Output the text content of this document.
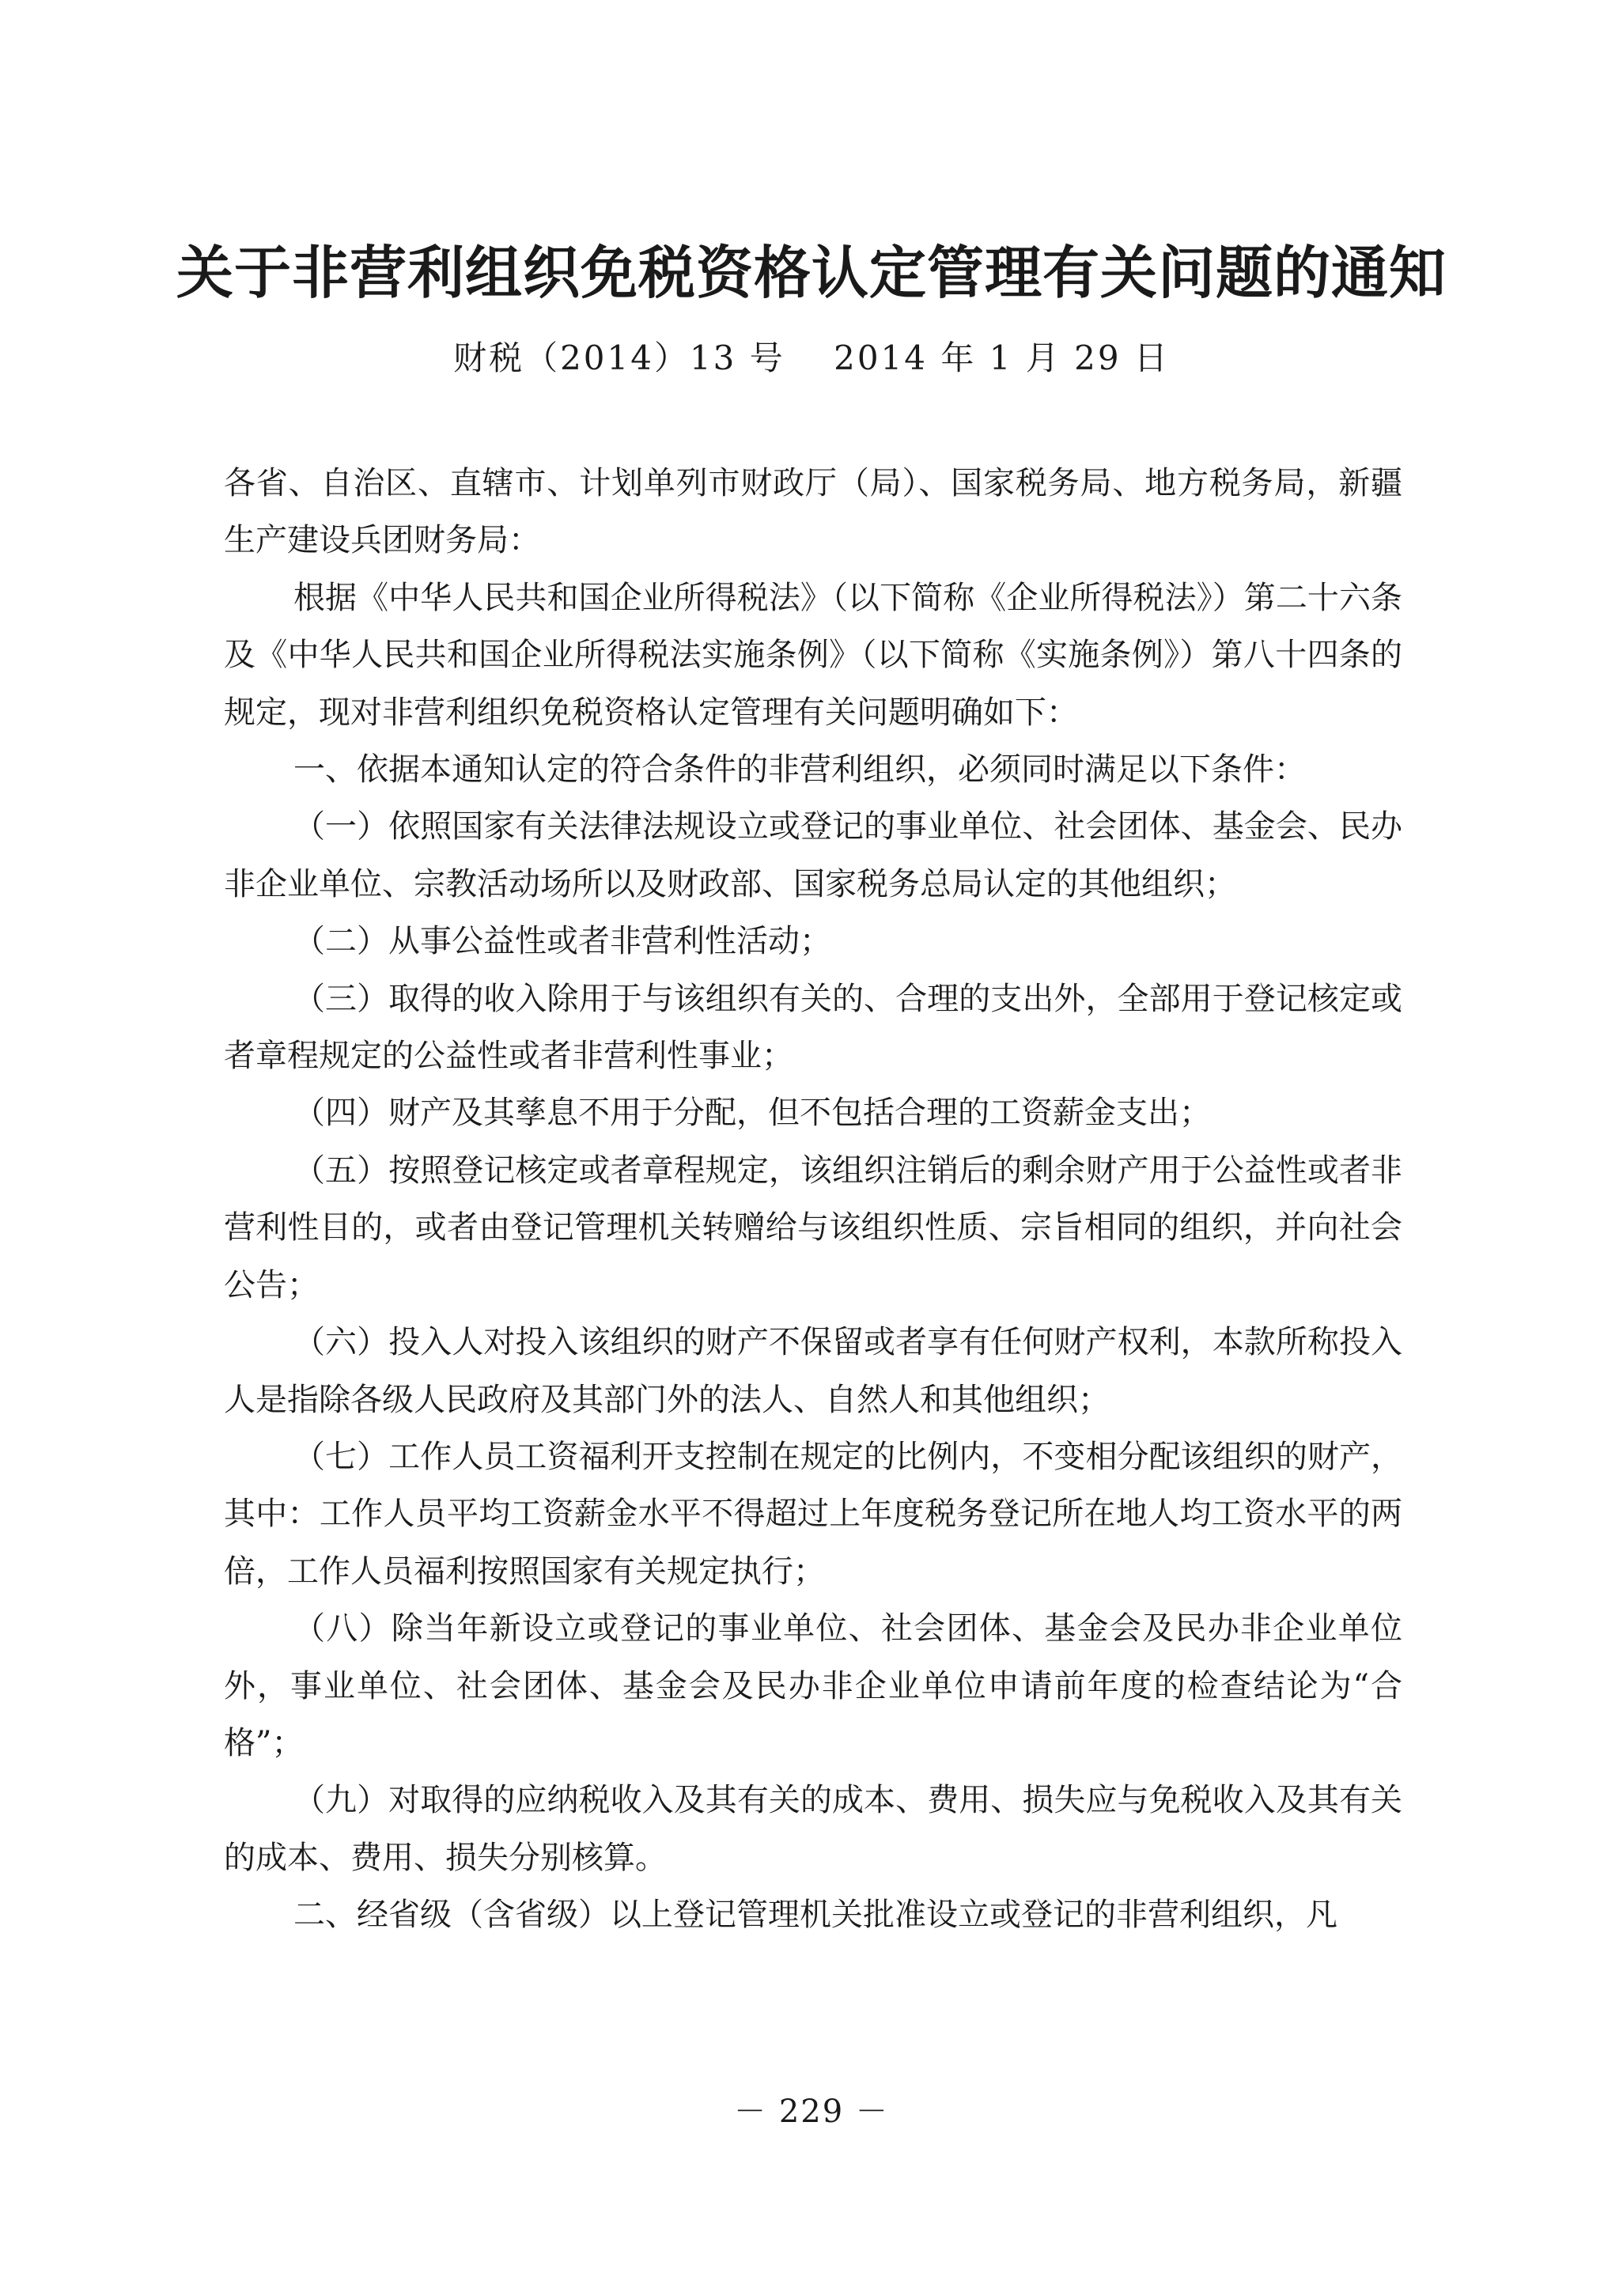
关于非营利组织免税资格认定管理有关问题的通知
财税（2014）13 号　 2014 年 1 月 29 日

各省、自治区、直辖市、计划单列市财政厅（局）、国家税务局、地方税务局，新疆生产建设兵团财务局：

根据《中华人民共和国企业所得税法》（以下简称《企业所得税法》）第二十六条及《中华人民共和国企业所得税法实施条例》（以下简称《实施条例》）第八十四条的规定，现对非营利组织免税资格认定管理有关问题明确如下：

一、依据本通知认定的符合条件的非营利组织，必须同时满足以下条件：

（一）依照国家有关法律法规设立或登记的事业单位、社会团体、基金会、民办非企业单位、宗教活动场所以及财政部、国家税务总局认定的其他组织；

（二）从事公益性或者非营利性活动；

（三）取得的收入除用于与该组织有关的、合理的支出外，全部用于登记核定或者章程规定的公益性或者非营利性事业；

（四）财产及其孳息不用于分配，但不包括合理的工资薪金支出；

（五）按照登记核定或者章程规定，该组织注销后的剩余财产用于公益性或者非营利性目的，或者由登记管理机关转赠给与该组织性质、宗旨相同的组织，并向社会公告；

（六）投入人对投入该组织的财产不保留或者享有任何财产权利，本款所称投入人是指除各级人民政府及其部门外的法人、自然人和其他组织；

（七）工作人员工资福利开支控制在规定的比例内，不变相分配该组织的财产，其中：工作人员平均工资薪金水平不得超过上年度税务登记所在地人均工资水平的两倍，工作人员福利按照国家有关规定执行；

（八）除当年新设立或登记的事业单位、社会团体、基金会及民办非企业单位外，事业单位、社会团体、基金会及民办非企业单位申请前年度的检查结论为“合格”；

（九）对取得的应纳税收入及其有关的成本、费用、损失应与免税收入及其有关的成本、费用、损失分别核算。

二、经省级（含省级）以上登记管理机关批准设立或登记的非营利组织，凡

－ 229 －
